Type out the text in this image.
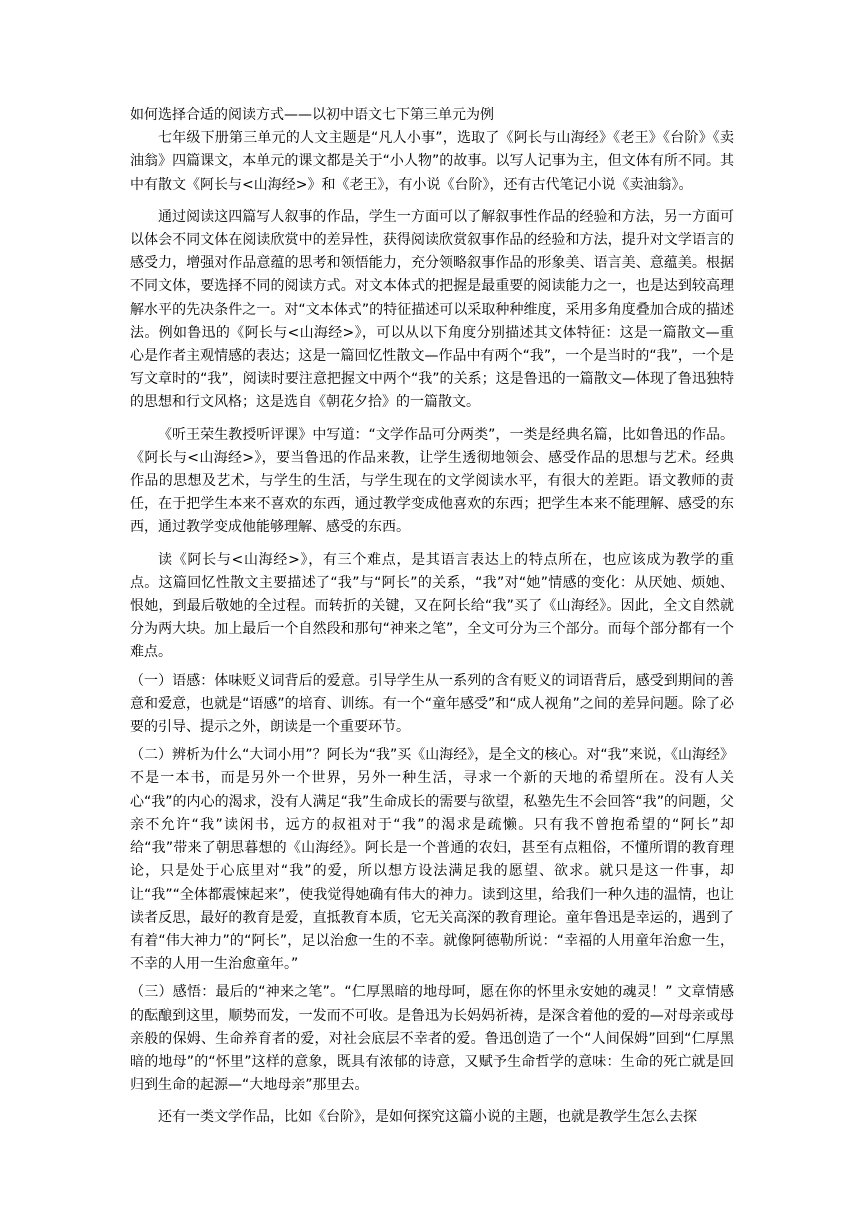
如何选择合适的阅读方式——以初中语文七下第三单元为例

七年级下册第三单元的人文主题是“凡人小事”，选取了《阿长与山海经》《老王》《台阶》《卖油翁》四篇课文，本单元的课文都是关于“小人物”的故事。以写人记事为主，但文体有所不同。其中有散文《阿长与<山海经>》和《老王》，有小说《台阶》，还有古代笔记小说《卖油翁》。

通过阅读这四篇写人叙事的作品，学生一方面可以了解叙事性作品的经验和方法，另一方面可以体会不同文体在阅读欣赏中的差异性，获得阅读欣赏叙事作品的经验和方法，提升对文学语言的感受力，增强对作品意蕴的思考和领悟能力，充分领略叙事作品的形象美、语言美、意蕴美。根据不同文体，要选择不同的阅读方式。对文本体式的把握是最重要的阅读能力之一，也是达到较高理解水平的先决条件之一。对“文本体式”的特征描述可以采取种种维度，采用多角度叠加合成的描述法。例如鲁迅的《阿长与<山海经>》，可以从以下角度分别描述其文体特征：这是一篇散文—重心是作者主观情感的表达；这是一篇回忆性散文—作品中有两个“我”，一个是当时的“我”，一个是写文章时的“我”，阅读时要注意把握文中两个“我”的关系；这是鲁迅的一篇散文—体现了鲁迅独特的思想和行文风格；这是选自《朝花夕拾》的一篇散文。

《听王荣生教授听评课》中写道：“文学作品可分两类”，一类是经典名篇，比如鲁迅的作品。《阿长与<山海经>》，要当鲁迅的作品来教，让学生透彻地领会、感受作品的思想与艺术。经典作品的思想及艺术，与学生的生活，与学生现在的文学阅读水平，有很大的差距。语文教师的责任，在于把学生本来不喜欢的东西，通过教学变成他喜欢的东西；把学生本来不能理解、感受的东西，通过教学变成他能够理解、感受的东西。

读《阿长与<山海经>》，有三个难点，是其语言表达上的特点所在，也应该成为教学的重点。这篇回忆性散文主要描述了“我”与“阿长”的关系，“我”对“她”情感的变化：从厌她、烦她、恨她，到最后敬她的全过程。而转折的关键，又在阿长给“我”买了《山海经》。因此，全文自然就分为两大块。加上最后一个自然段和那句“神来之笔”，全文可分为三个部分。而每个部分都有一个难点。

（一）语感：体味贬义词背后的爱意。引导学生从一系列的含有贬义的词语背后，感受到期间的善意和爱意，也就是“语感”的培育、训练。有一个“童年感受”和“成人视角”之间的差异问题。除了必要的引导、提示之外，朗读是一个重要环节。

（二）辨析为什么“大词小用”？阿长为“我”买《山海经》，是全文的核心。对“我”来说，《山海经》不是一本书，而是另外一个世界，另外一种生活，寻求一个新的天地的希望所在。没有人关心“我”的内心的渴求，没有人满足“我”生命成长的需要与欲望，私塾先生不会回答“我”的问题，父亲不允许“我”读闲书，远方的叔祖对于“我”的渴求是疏懒。只有我不曾抱希望的“阿长”却给“我”带来了朝思暮想的《山海经》。阿长是一个普通的农妇，甚至有点粗俗，不懂所谓的教育理论，只是处于心底里对“我”的爱，所以想方设法满足我的愿望、欲求。就只是这一件事，却让“我”“全体都震悚起来”，使我觉得她确有伟大的神力。读到这里，给我们一种久违的温情，也让读者反思，最好的教育是爱，直抵教育本质，它无关高深的教育理论。童年鲁迅是幸运的，遇到了有着“伟大神力”的“阿长”，足以治愈一生的不幸。就像阿德勒所说：“幸福的人用童年治愈一生，不幸的人用一生治愈童年。”

（三）感悟：最后的“神来之笔”。“仁厚黑暗的地母呵，愿在你的怀里永安她的魂灵！” 文章情感的酝酿到这里，顺势而发，一发而不可收。是鲁迅为长妈妈祈祷，是深含着他的爱的—对母亲或母亲般的保姆、生命养育者的爱，对社会底层不幸者的爱。鲁迅创造了一个“人间保姆”回到“仁厚黑暗的地母”的“怀里”这样的意象，既具有浓郁的诗意，又赋予生命哲学的意味：生命的死亡就是回归到生命的起源—“大地母亲”那里去。

还有一类文学作品，比如《台阶》，是如何探究这篇小说的主题，也就是教学生怎么去探
